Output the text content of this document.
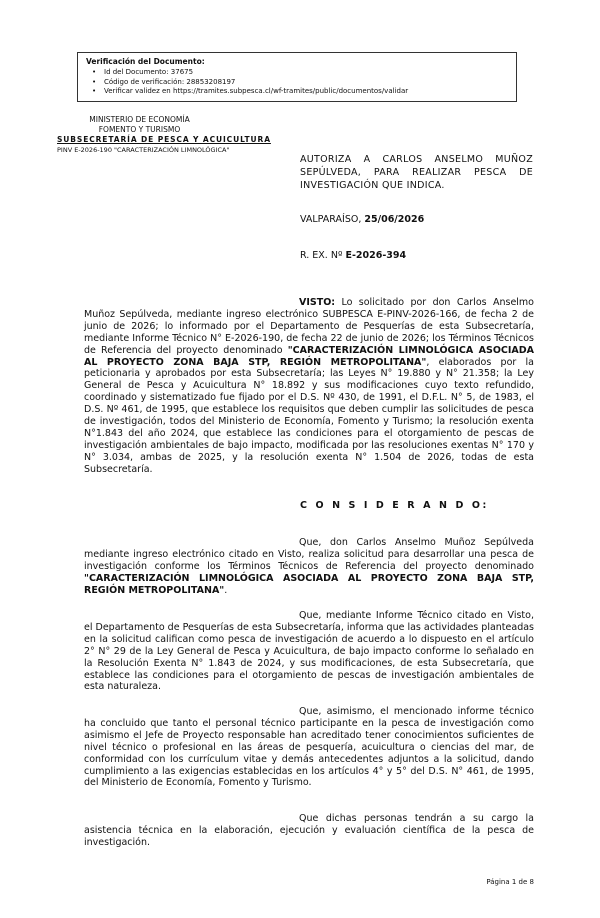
Verificación del Documento:
• Id del Documento: 37675
• Código de verificación: 28853208197
• Verificar validez en https://tramites.subpesca.cl/wf-tramites/public/documentos/validar
MINISTERIO DE ECONOMÍA
FOMENTO Y TURISMO
SUBSECRETARÍA DE PESCA Y ACUICULTURA
PINV E-2026-190 "CARACTERIZACIÓN LIMNOLÓGICA"
AUTORIZA A CARLOS ANSELMO MUÑOZ SEPÚLVEDA, PARA REALIZAR PESCA DE INVESTIGACIÓN QUE INDICA.
VALPARAÍSO, 25/06/2026
R. EX. Nº E-2026-394
VISTO: Lo solicitado por don Carlos Anselmo Muñoz Sepúlveda, mediante ingreso electrónico SUBPESCA E-PINV-2026-166, de fecha 2 de junio de 2026; lo informado por el Departamento de Pesquerías de esta Subsecretaría, mediante Informe Técnico N° E-2026-190, de fecha 22 de junio de 2026; los Términos Técnicos de Referencia del proyecto denominado "CARACTERIZACIÓN LIMNOLÓGICA ASOCIADA AL PROYECTO ZONA BAJA STP, REGIÓN METROPOLITANA", elaborados por la peticionaria y aprobados por esta Subsecretaría; las Leyes N° 19.880 y N° 21.358; la Ley General de Pesca y Acuicultura N° 18.892 y sus modificaciones cuyo texto refundido, coordinado y sistematizado fue fijado por el D.S. Nº 430, de 1991, el D.F.L. N° 5, de 1983, el D.S. Nº 461, de 1995, que establece los requisitos que deben cumplir las solicitudes de pesca de investigación, todos del Ministerio de Economía, Fomento y Turismo; la resolución exenta N°1.843 del año 2024, que establece las condiciones para el otorgamiento de pescas de investigación ambientales de bajo impacto, modificada por las resoluciones exentas N° 170 y N° 3.034, ambas de 2025, y la resolución exenta N° 1.504 de 2026, todas de esta Subsecretaría.
C O N S I D E R A N D O:
Que, don Carlos Anselmo Muñoz Sepúlveda mediante ingreso electrónico citado en Visto, realiza solicitud para desarrollar una pesca de investigación conforme los Términos Técnicos de Referencia del proyecto denominado "CARACTERIZACIÓN LIMNOLÓGICA ASOCIADA AL PROYECTO ZONA BAJA STP, REGIÓN METROPOLITANA".
Que, mediante Informe Técnico citado en Visto, el Departamento de Pesquerías de esta Subsecretaría, informa que las actividades planteadas en la solicitud califican como pesca de investigación de acuerdo a lo dispuesto en el artículo 2° N° 29 de la Ley General de Pesca y Acuicultura, de bajo impacto conforme lo señalado en la Resolución Exenta N° 1.843 de 2024, y sus modificaciones, de esta Subsecretaría, que establece las condiciones para el otorgamiento de pescas de investigación ambientales de esta naturaleza.
Que, asimismo, el mencionado informe técnico ha concluido que tanto el personal técnico participante en la pesca de investigación como asimismo el Jefe de Proyecto responsable han acreditado tener conocimientos suficientes de nivel técnico o profesional en las áreas de pesquería, acuicultura o ciencias del mar, de conformidad con los currículum vitae y demás antecedentes adjuntos a la solicitud, dando cumplimiento a las exigencias establecidas en los artículos 4° y 5° del D.S. N° 461, de 1995, del Ministerio de Economía, Fomento y Turismo.
Que dichas personas tendrán a su cargo la asistencia técnica en la elaboración, ejecución y evaluación científica de la pesca de investigación.
Página 1 de 8
